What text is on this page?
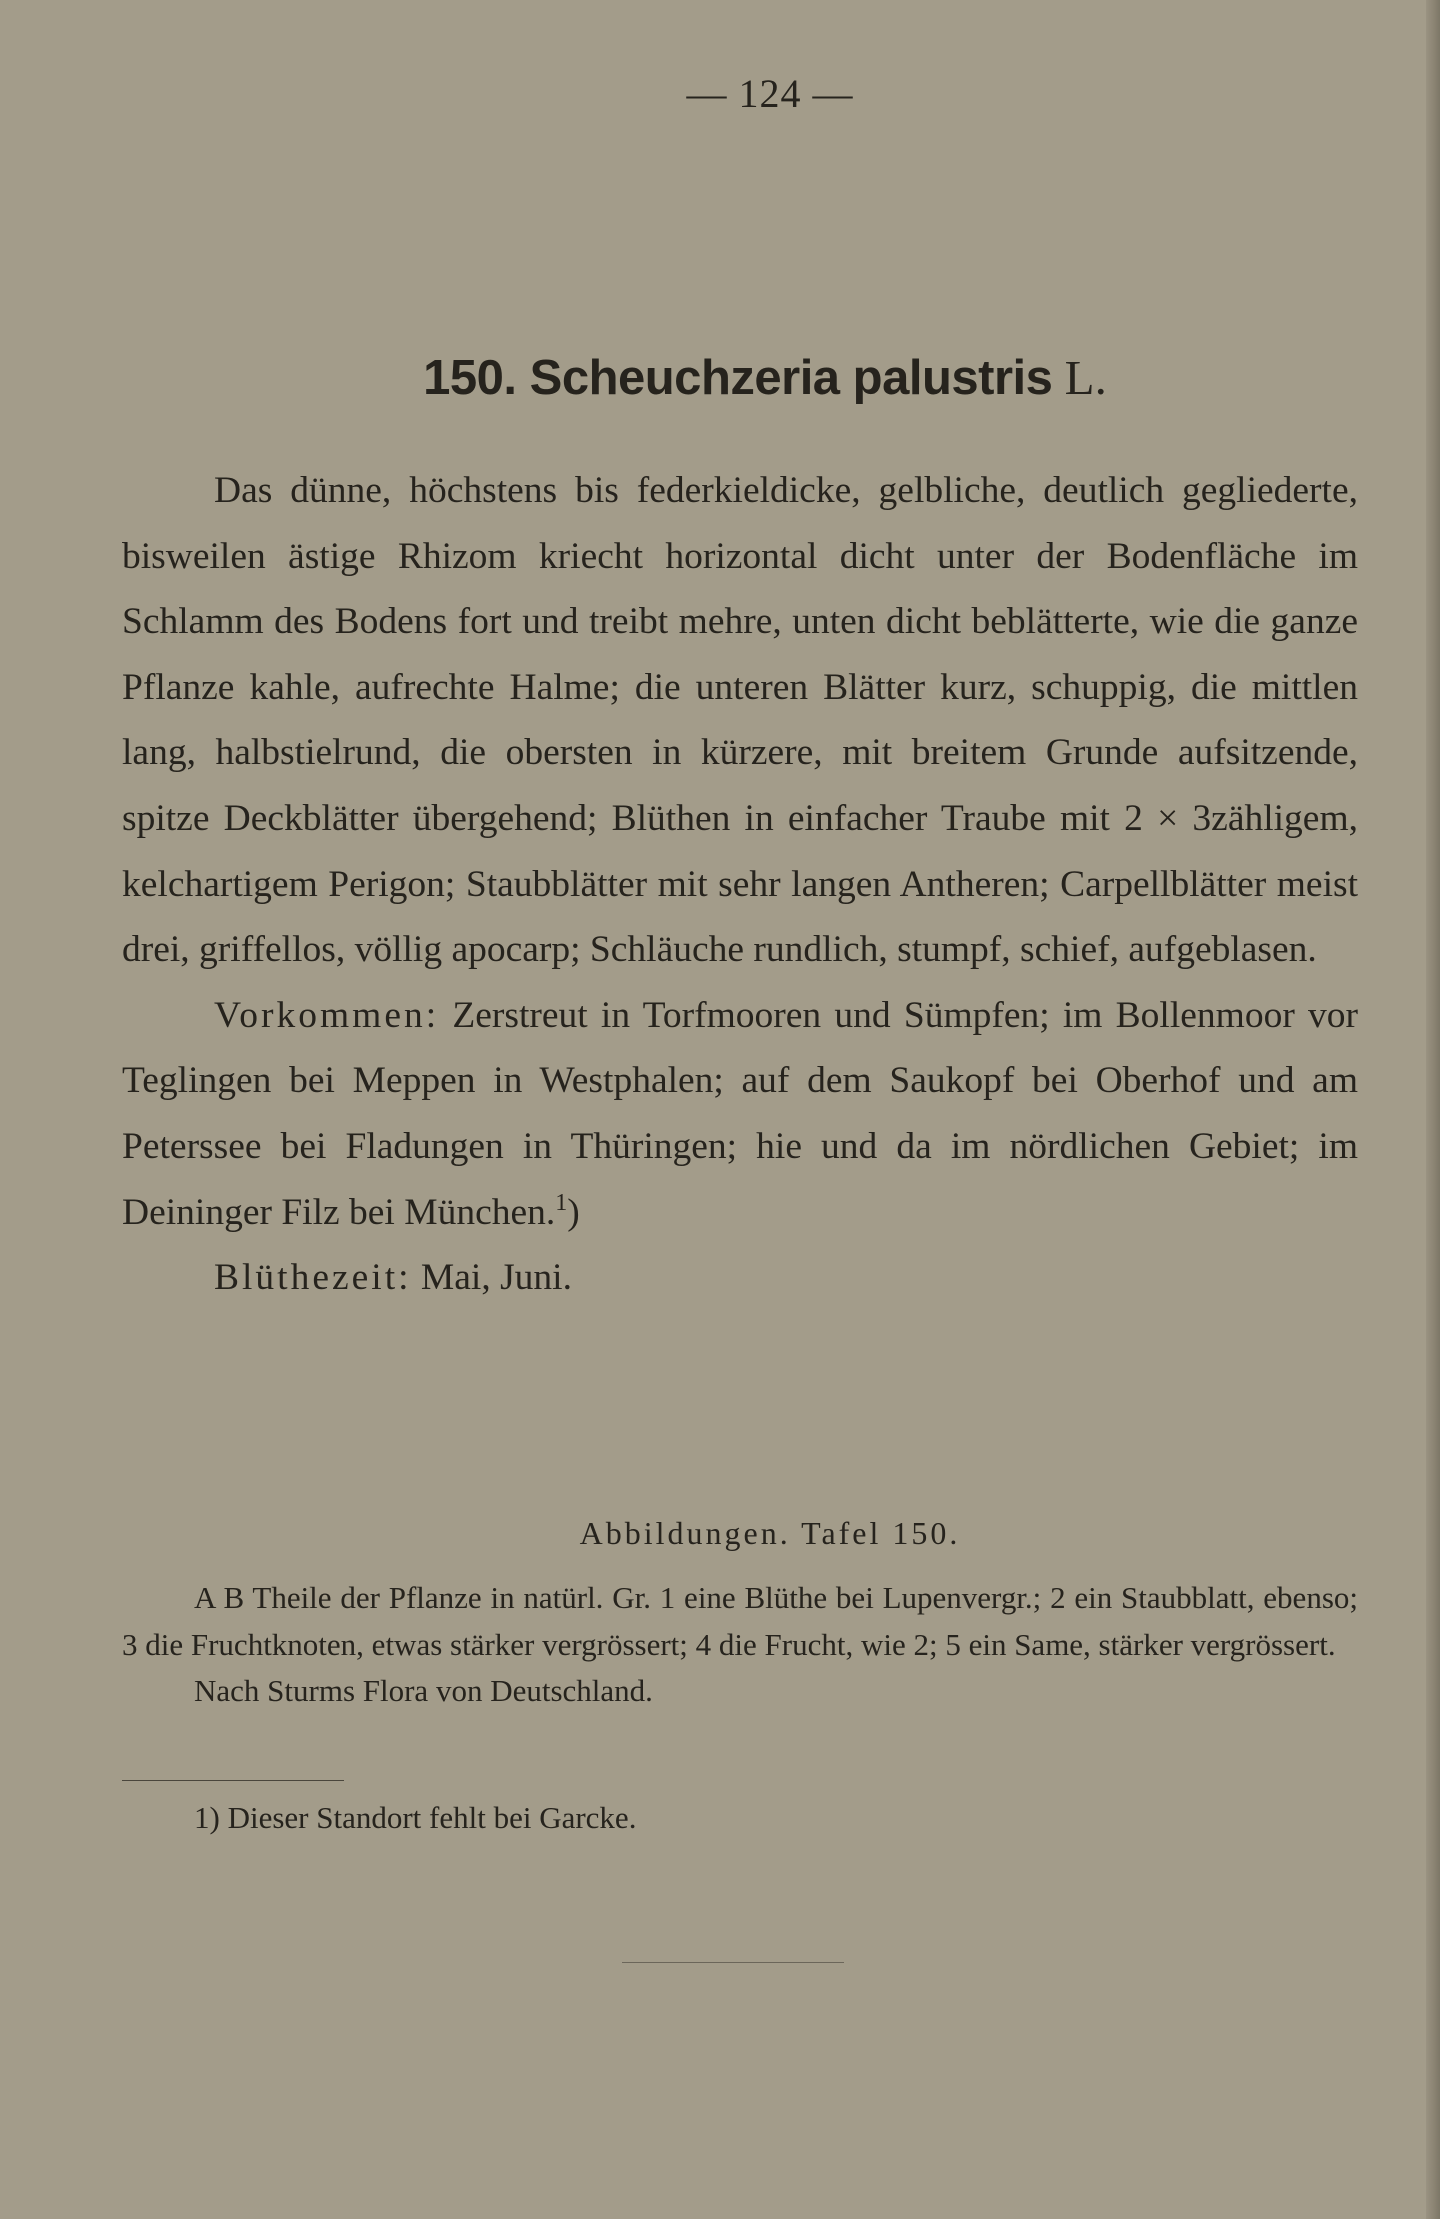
— 124 —
150. Scheuchzeria palustris L.

Das dünne, höchstens bis federkieldicke, gelbliche, deutlich gegliederte, bisweilen ästige Rhizom kriecht horizontal dicht unter der Bodenfläche im Schlamm des Bodens fort und treibt mehre, unten dicht beblätterte, wie die ganze Pflanze kahle, aufrechte Halme; die unteren Blätter kurz, schuppig, die mittlen lang, halbstielrund, die obersten in kürzere, mit breitem Grunde aufsitzende, spitze Deckblätter übergehend; Blüthen in einfacher Traube mit 2 × 3zähligem, kelchartigem Perigon; Staubblätter mit sehr langen Antheren; Carpellblätter meist drei, griffellos, völlig apocarp; Schläuche rundlich, stumpf, schief, aufgeblasen.

Vorkommen: Zerstreut in Torfmooren und Sümpfen; im Bollenmoor vor Teglingen bei Meppen in Westphalen; auf dem Saukopf bei Oberhof und am Peterssee bei Fladungen in Thüringen; hie und da im nördlichen Gebiet; im Deininger Filz bei München.$^1$)

Blüthezeit: Mai, Juni.

Abbildungen. Tafel 150.

A B Theile der Pflanze in natürl. Gr. 1 eine Blüthe bei Lupenvergr.; 2 ein Staubblatt, ebenso; 3 die Fruchtknoten, etwas stärker vergrössert; 4 die Frucht, wie 2; 5 ein Same, stärker vergrössert.

Nach Sturms Flora von Deutschland.

1) Dieser Standort fehlt bei Garcke.
